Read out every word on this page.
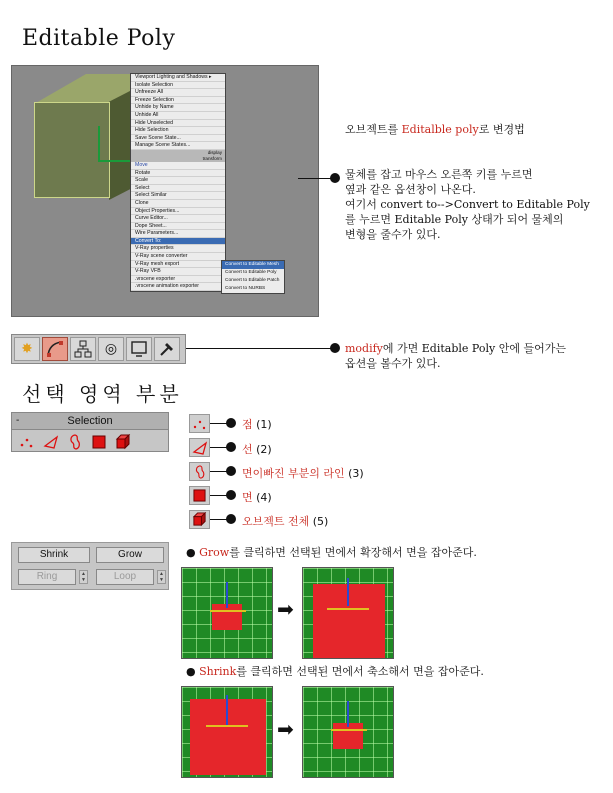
Editable Poly
Viewport Lighting and Shadows ▸
Isolate Selection
Unfreeze All
Freeze Selection
Unhide by Name
Unhide All
Hide Unselected
Hide Selection
Save Scene State...
Manage Scene States...
display
transform
Move
Rotate
Scale
Select
Select Similar
Clone
Object Properties...
Curve Editor...
Dope Sheet...
Wire Parameters...
Convert To:
V-Ray properties
V-Ray scene converter
V-Ray mesh export
V-Ray VFB
.vrscene exporter
.vrscene animation exporter
Convert to Editable Mesh
Convert to Editable Poly
Convert to Editable Patch
Convert to NURBS
오브젝트를 Editalble poly로 변경법
물체를 잡고 마우스 오른쪽 키를 누르면
옆과 같은 옵션창이 나온다.
여기서 convert to-->Convert to Editable Poly
를 누르면 Editable Poly 상태가 되어 물체의
변형을 줄수가 있다.
✸	◎	modify에 가면 Editable Poly 안에 들어가는
옵션을 볼수가 있다.
선택 영역 부분
-	Selection	점 (1)
선 (2)
면이빠진 부분의 라인 (3)
면 (4)
오브젝트 전체 (5)
Shrink	Grow
Ring	▲
▼	Loop	▲
▼
● Grow를 클릭하면 선택된 면에서 확장해서 면을 잡아준다.
➡
● Shrink를 클릭하면 선택된 면에서 축소해서 면을 잡아준다.
➡
